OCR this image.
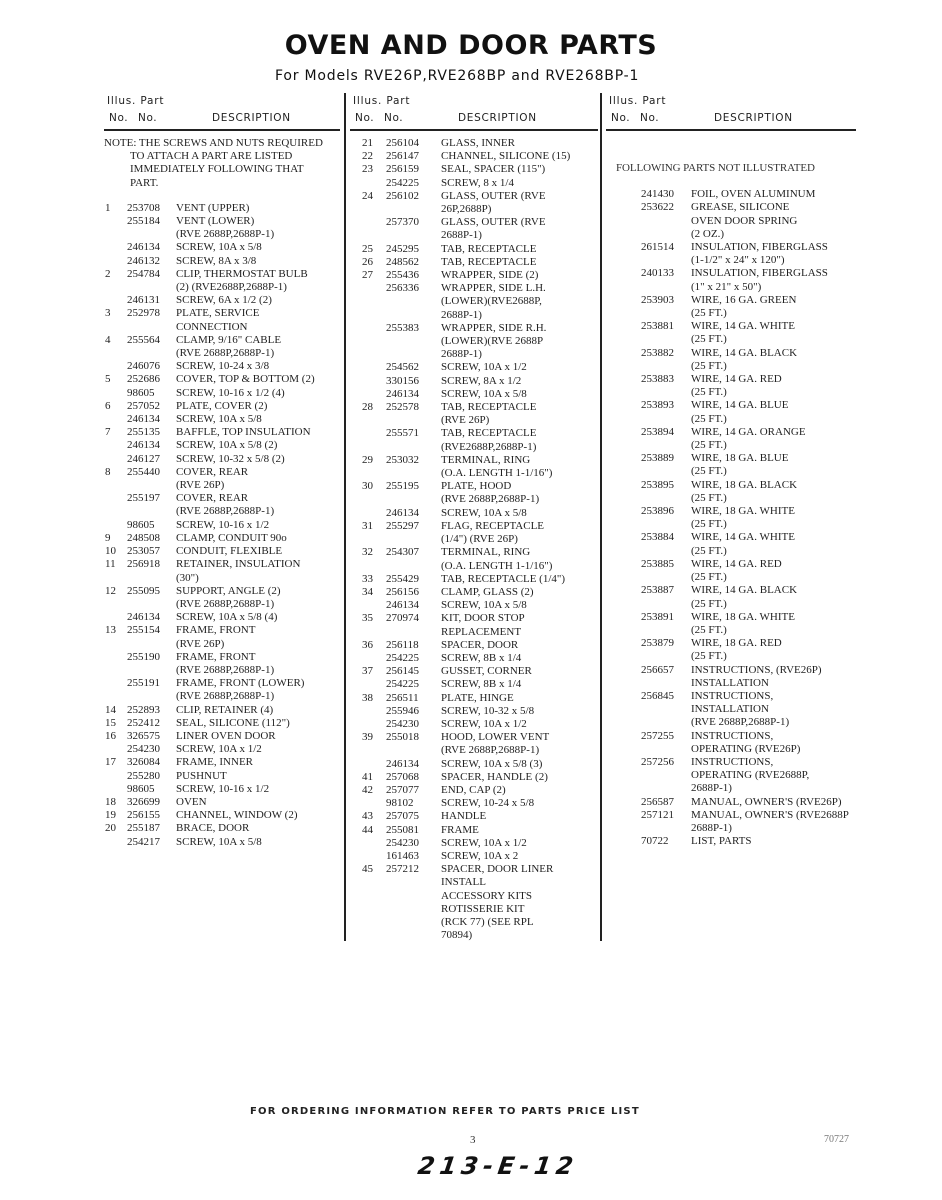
OVEN AND DOOR PARTS
For Models RVE26P,RVE268BP and RVE268BP-1
Illus. Part
No. No.	DESCRIPTION
NOTE: THE SCREWS AND NUTS REQUIRED
TO ATTACH A PART ARE LISTED
IMMEDIATELY FOLLOWING THAT
PART.
1	253708	VENT (UPPER)
255184	VENT (LOWER)
(RVE 2688P,2688P-1)
246134	SCREW, 10A x 5/8
246132	SCREW, 8A x 3/8
2	254784	CLIP, THERMOSTAT BULB
(2) (RVE2688P,2688P-1)
246131	SCREW, 6A x 1/2 (2)
3	252978	PLATE, SERVICE
CONNECTION
4	255564	CLAMP, 9/16" CABLE
(RVE 2688P,2688P-1)
246076	SCREW, 10-24 x 3/8
5	252686	COVER, TOP & BOTTOM (2)
98605	SCREW, 10-16 x 1/2 (4)
6	257052	PLATE, COVER (2)
246134	SCREW, 10A x 5/8
7	255135	BAFFLE, TOP INSULATION
246134	SCREW, 10A x 5/8 (2)
246127	SCREW, 10-32 x 5/8 (2)
8	255440	COVER, REAR
(RVE 26P)
255197	COVER, REAR
(RVE 2688P,2688P-1)
98605	SCREW, 10-16 x 1/2
9	248508	CLAMP, CONDUIT 90o
10	253057	CONDUIT, FLEXIBLE
11	256918	RETAINER, INSULATION
(30")
12	255095	SUPPORT, ANGLE (2)
(RVE 2688P,2688P-1)
246134	SCREW, 10A x 5/8 (4)
13	255154	FRAME, FRONT
(RVE 26P)
255190	FRAME, FRONT
(RVE 2688P,2688P-1)
255191	FRAME, FRONT (LOWER)
(RVE 2688P,2688P-1)
14	252893	CLIP, RETAINER (4)
15	252412	SEAL, SILICONE (112")
16	326575	LINER OVEN DOOR
254230	SCREW, 10A x 1/2
17	326084	FRAME, INNER
255280	PUSHNUT
98605	SCREW, 10-16 x 1/2
18	326699	OVEN
19	256155	CHANNEL, WINDOW (2)
20	255187	BRACE, DOOR
254217	SCREW, 10A x 5/8
Illus. Part
No. No.	DESCRIPTION
21	256104	GLASS, INNER
22	256147	CHANNEL, SILICONE (15)
23	256159	SEAL, SPACER (115")
254225	SCREW, 8 x 1/4
24	256102	GLASS, OUTER (RVE
26P,2688P)
257370	GLASS, OUTER (RVE
2688P-1)
25	245295	TAB, RECEPTACLE
26	248562	TAB, RECEPTACLE
27	255436	WRAPPER, SIDE (2)
256336	WRAPPER, SIDE L.H.
(LOWER)(RVE2688P,
2688P-1)
255383	WRAPPER, SIDE R.H.
(LOWER)(RVE 2688P
2688P-1)
254562	SCREW, 10A x 1/2
330156	SCREW, 8A x 1/2
246134	SCREW, 10A x 5/8
28	252578	TAB, RECEPTACLE
(RVE 26P)
255571	TAB, RECEPTACLE
(RVE2688P,2688P-1)
29	253032	TERMINAL, RING
(O.A. LENGTH 1-1/16")
30	255195	PLATE, HOOD
(RVE 2688P,2688P-1)
246134	SCREW, 10A x 5/8
31	255297	FLAG, RECEPTACLE
(1/4") (RVE 26P)
32	254307	TERMINAL, RING
(O.A. LENGTH 1-1/16")
33	255429	TAB, RECEPTACLE (1/4")
34	256156	CLAMP, GLASS (2)
246134	SCREW, 10A x 5/8
35	270974	KIT, DOOR STOP
REPLACEMENT
36	256118	SPACER, DOOR
254225	SCREW, 8B x 1/4
37	256145	GUSSET, CORNER
254225	SCREW, 8B x 1/4
38	256511	PLATE, HINGE
255946	SCREW, 10-32 x 5/8
254230	SCREW, 10A x 1/2
39	255018	HOOD, LOWER VENT
(RVE 2688P,2688P-1)
246134	SCREW, 10A x 5/8 (3)
41	257068	SPACER, HANDLE (2)
42	257077	END, CAP (2)
98102	SCREW, 10-24 x 5/8
43	257075	HANDLE
44	255081	FRAME
254230	SCREW, 10A x 1/2
161463	SCREW, 10A x 2
45	257212	SPACER, DOOR LINER
INSTALL
ACCESSORY KITS
ROTISSERIE KIT
(RCK 77) (SEE RPL
70894)
Illus. Part
No. No.	DESCRIPTION
FOLLOWING PARTS NOT ILLUSTRATED
241430	FOIL, OVEN ALUMINUM
253622	GREASE, SILICONE
OVEN DOOR SPRING
(2 OZ.)
261514	INSULATION, FIBERGLASS
(1-1/2" x 24" x 120")
240133	INSULATION, FIBERGLASS
(1" x 21" x 50")
253903	WIRE, 16 GA. GREEN
(25 FT.)
253881	WIRE, 14 GA. WHITE
(25 FT.)
253882	WIRE, 14 GA. BLACK
(25 FT.)
253883	WIRE, 14 GA. RED
(25 FT.)
253893	WIRE, 14 GA. BLUE
(25 FT.)
253894	WIRE, 14 GA. ORANGE
(25 FT.)
253889	WIRE, 18 GA. BLUE
(25 FT.)
253895	WIRE, 18 GA. BLACK
(25 FT.)
253896	WIRE, 18 GA. WHITE
(25 FT.)
253884	WIRE, 14 GA. WHITE
(25 FT.)
253885	WIRE, 14 GA. RED
(25 FT.)
253887	WIRE, 14 GA. BLACK
(25 FT.)
253891	WIRE, 18 GA. WHITE
(25 FT.)
253879	WIRE, 18 GA. RED
(25 FT.)
256657	INSTRUCTIONS, (RVE26P)
INSTALLATION
256845	INSTRUCTIONS,
INSTALLATION
(RVE 2688P,2688P-1)
257255	INSTRUCTIONS,
OPERATING (RVE26P)
257256	INSTRUCTIONS,
OPERATING (RVE2688P,
2688P-1)
256587	MANUAL, OWNER'S (RVE26P)
257121	MANUAL, OWNER'S (RVE2688P
2688P-1)
70722	LIST, PARTS
FOR ORDERING INFORMATION REFER TO PARTS PRICE LIST
3	70727
213-E-12
